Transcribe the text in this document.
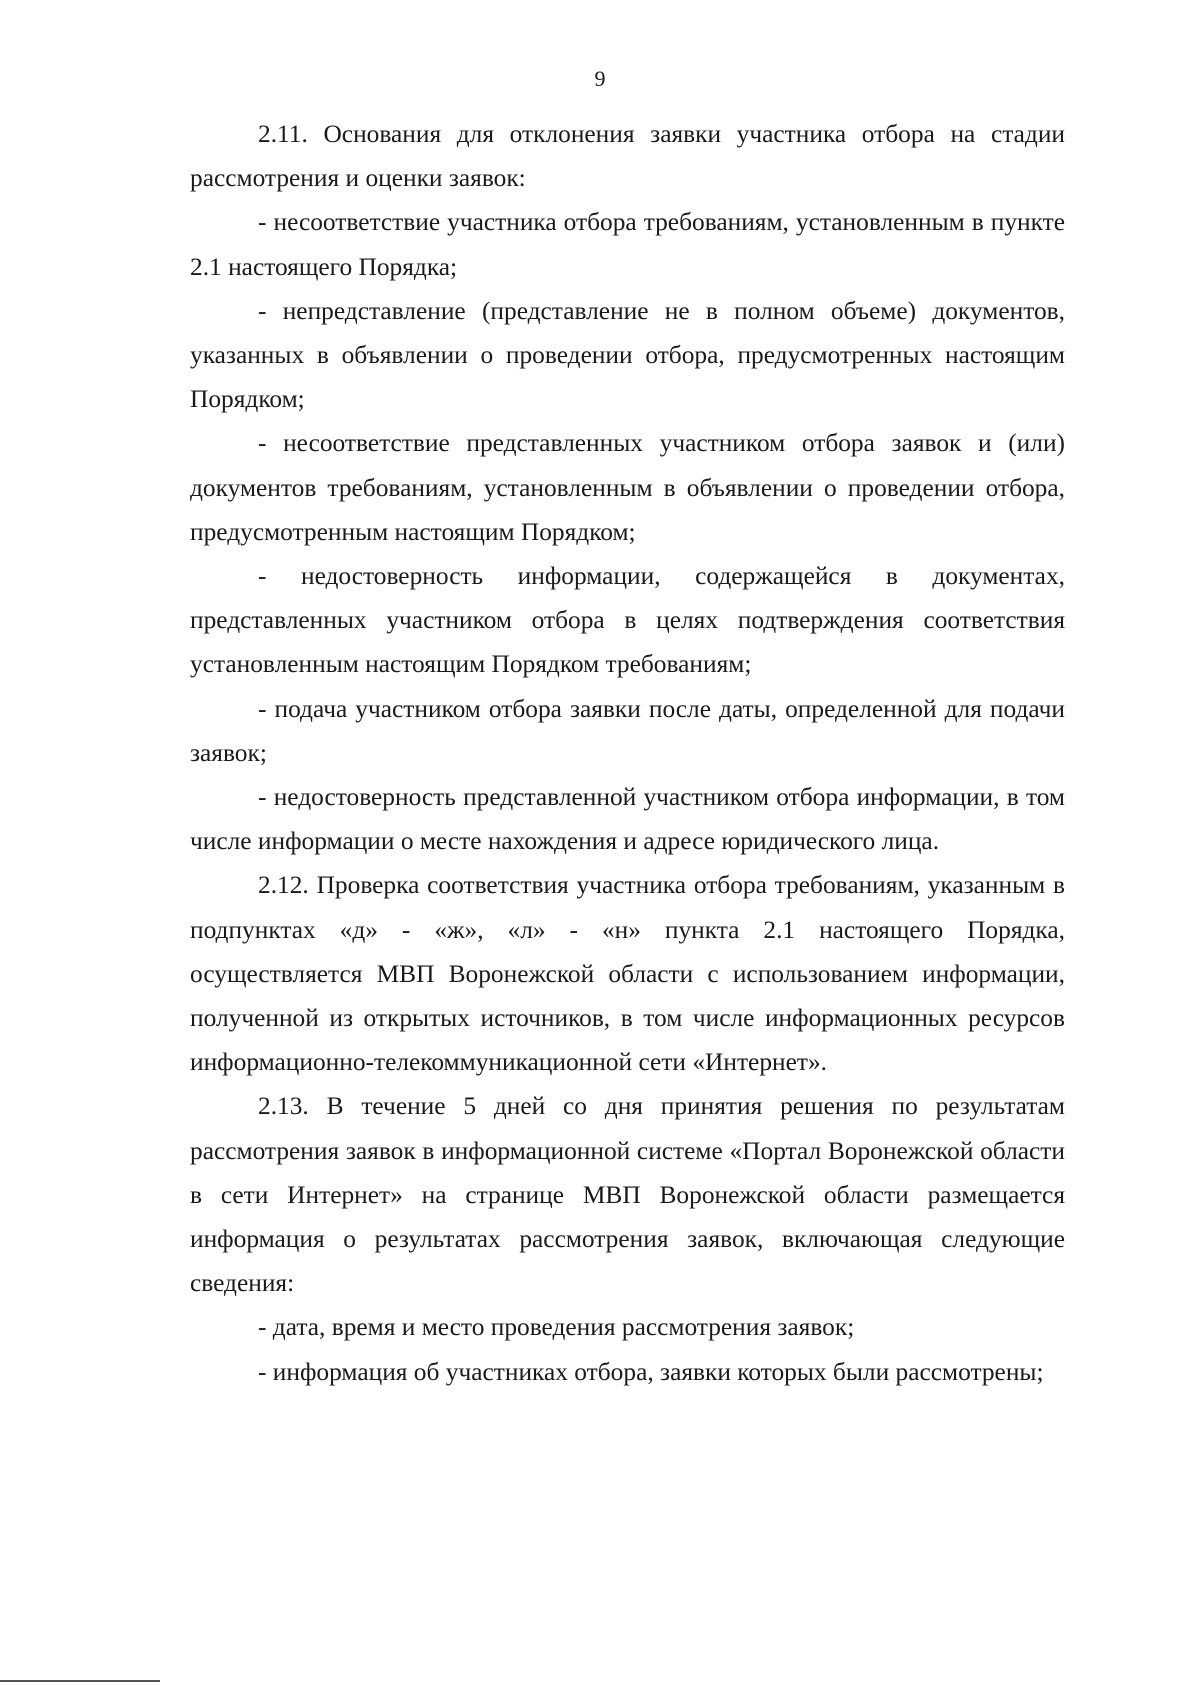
9

2.11. Основания для отклонения заявки участника отбора на стадии рассмотрения и оценки заявок:

- несоответствие участника отбора требованиям, установленным в пункте 2.1 настоящего Порядка;

- непредставление (представление не в полном объеме) документов, указанных в объявлении о проведении отбора, предусмотренных настоящим Порядком;

- несоответствие представленных участником отбора заявок и (или) документов требованиям, установленным в объявлении о проведении отбора, предусмотренным настоящим Порядком;

- недостоверность информации, содержащейся в документах, представленных участником отбора в целях подтверждения соответствия установленным настоящим Порядком требованиям;

- подача участником отбора заявки после даты, определенной для подачи заявок;

- недостоверность представленной участником отбора информации, в том числе информации о месте нахождения и адресе юридического лица.

2.12. Проверка соответствия участника отбора требованиям, указанным в подпунктах «д» - «ж», «л» - «н» пункта 2.1 настоящего Порядка, осуществляется МВП Воронежской области с использованием информации, полученной из открытых источников, в том числе информационных ресурсов информационно-телекоммуникационной сети «Интернет».

2.13. В течение 5 дней со дня принятия решения по результатам рассмотрения заявок в информационной системе «Портал Воронежской области в сети Интернет» на странице МВП Воронежской области размещается информация о результатах рассмотрения заявок, включающая следующие сведения:

- дата, время и место проведения рассмотрения заявок;

- информация об участниках отбора, заявки которых были рассмотрены;
